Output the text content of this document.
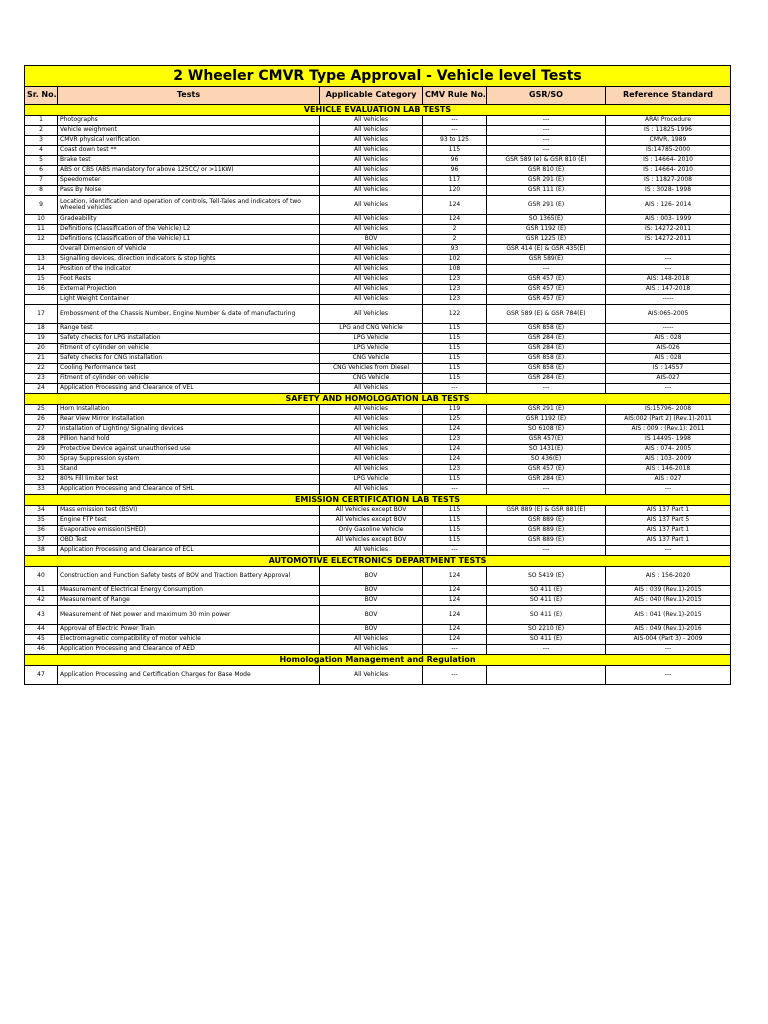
2 Wheeler CMVR Type Approval - Vehicle level Tests					
Sr. No.	Tests	Applicable Category	CMV Rule No.	GSR/SO	Reference Standard
VEHICLE EVALUATION LAB TESTS					
1	Photographs	All Vehicles	---	---	ARAI Procedure
2	Vehicle weighment	All Vehicles	---	---	IS : 11825-1996
3	CMVR physical verification	All Vehicles	93 to 125	---	CMVR, 1989
4	Coast down test **	All Vehicles	115	---	IS:14785-2000
5	Brake test	All Vehicles	96	GSR 589 (e) & GSR 810 (E)	IS : 14664- 2010
6	ABS or CBS (ABS mandatory for above 125CC/ or >11KW)	All Vehicles	96	GSR 810 (E)	IS : 14664- 2010
7	Speedometer	All Vehicles	117	GSR 291 (E)	IS : 11827-2008
8	Pass By Noise	All Vehicles	120	GSR 111 (E)	IS : 3028- 1998
9	Location, identification and operation of controls, Tell-Tales and indicators of two wheeled vehicles	All Vehicles	124	GSR 291 (E)	AIS : 126- 2014
10	Gradeability	All Vehicles	124	SO 1365(E)	AIS : 003- 1999
11	Definitions (Classification of the Vehicle) L2	All Vehicles	2	GSR 1192 (E)	IS: 14272-2011
12	Definitions (Classification of the Vehicle) L1	BOV	2	GSR 1225 (E)	IS: 14272-2011
	Overall Dimension of Vehicle	All Vehicles	93	GSR 414 (E) & GSR 435(E)	
13	Signalling devices, direction indicators & stop lights	All Vehicles	102	GSR 589(E)	---
14	Position of the indicator	All Vehicles	108	---	---
15	Foot Rests	All Vehicles	123	GSR 457 (E)	AIS: 148-2018
16	External Projection	All Vehicles	123	GSR 457 (E)	AIS : 147-2018
	Light Weight Container	All Vehicles	123	GSR 457 (E)	-----
17	Embossment of the Chassis Number, Engine Number & date of manufacturing	All Vehicles	122	GSR 589 (E) & GSR 784(E)	AIS:065-2005
18	Range test	LPG and CNG Vehicle	115	GSR 858 (E)	-----
19	Safety checks for LPG installation	LPG Vehicle	115	GSR 284 (E)	AIS : 028
20	Fitment of cylinder on vehicle	LPG Vehicle	115	GSR 284 (E)	AIS-026
21	Safety checks for CNG installation	CNG Vehicle	115	GSR 858 (E)	AIS : 028
22	Cooling Performance test	CNG Vehicles from Diesel	115	GSR 858 (E)	IS : 14557
23	Fitment of cylinder on vehicle	CNG Vehicle	115	GSR 284 (E)	AIS-027
24	Application Processing and Clearance of VEL	All Vehicles	---	---	---
SAFETY AND HOMOLOGATION LAB TESTS					
25	Horn Installation	All Vehicles	119	GSR 291 (E)	IS:15796- 2008
26	Rear View Mirror Installation	All Vehicles	125	GSR 1192 (E)	AIS:002 (Part 2) (Rev.1)-2011
27	Installation of Lighting/ Signaling devices	All Vehicles	124	SO 6108 (E)	AIS : 009 : (Rev.1): 2011
28	Pillion hand hold	All Vehicles	123	GSR 457(E)	IS 14495- 1998
29	Protective Device against unauthorised use	All Vehicles	124	SO 1431(E)	AIS : 074- 2005
30	Spray Suppression system	All Vehicles	124	SO 436(E)	AIS : 103- 2009
31	Stand	All Vehicles	123	GSR 457 (E)	AIS : 146-2018
32	80% Fill limiter test	LPG Vehicle	115	GSR 284 (E)	AIS : 027
33	Application Processing and Clearance of SHL	All Vehicles	---	---	---
EMISSION CERTIFICATION LAB TESTS					
34	Mass emission test (BSVI)	All Vehicles except BOV	115	GSR 889 (E) & GSR 881(E)	AIS 137 Part 1
35	Engine FTP test	All Vehicles except BOV	115	GSR 889 (E)	AIS 137 Part 5
36	Evaporative emission(SHED)	Only Gasoline Vehicle	115	GSR 889 (E)	AIS 137 Part 1
37	OBD Test	All Vehicles except BOV	115	GSR 889 (E)	AIS 137 Part 1
38	Application Processing and Clearance of ECL	All Vehicles	---	---	---
AUTOMOTIVE ELECTRONICS DEPARTMENT TESTS					
40	Construction and Function Safety tests of BOV and Traction Battery Approval	BOV	124	SO 5419 (E)	AIS : 156-2020
41	Measurement of Electrical Energy Consumption	BOV	124	SO 411 (E)	AIS : 039 (Rev.1)-2015
42	Measurement of Range	BOV	124	SO 411 (E)	AIS : 040 (Rev.1)-2015
43	Measurement of Net power and maximum 30 min power	BOV	124	SO 411 (E)	AIS : 041 (Rev.1)-2015
44	Approval of Electric Power Train	BOV	124	SO 2210 (E)	AIS : 049 (Rev.1)-2016
45	Electromagnetic compatibility of motor vehicle	All Vehicles	124	SO 411 (E)	AIS-004 (Part 3) - 2009
46	Application Processing and Clearance of AED	All Vehicles	---	---	---
Homologation Management and Regulation					
47	Application Processing and Certification Charges for Base Mode	All Vehicles	---		---
